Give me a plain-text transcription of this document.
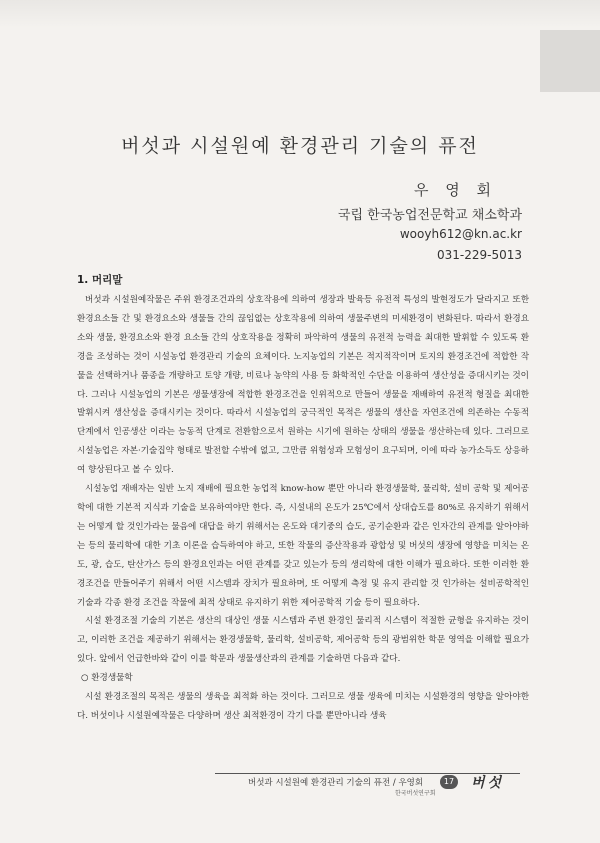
버섯과 시설원예 환경관리 기술의 퓨전
우 영 회
국립 한국농업전문학교 채소학과
wooyh612@kn.ac.kr
031-229-5013
1. 머리말

버섯과 시설원예작물은 주위 환경조건과의 상호작용에 의하여 생장과 발육등 유전적 특성의 발현정도가 달라지고 또한 환경요소들 간 및 환경요소와 생물들 간의 끊임없는 상호작용에 의하여 생물주변의 미세환경이 변화된다. 따라서 환경요소와 생물, 환경요소와 환경 요소들 간의 상호작용을 정확히 파악하여 생물의 유전적 능력을 최대한 발휘할 수 있도록 환경을 조성하는 것이 시설농업 환경관리 기술의 요체이다. 노지농업의 기본은 적지적작이며 토지의 환경조건에 적합한 작물을 선택하거나 품종을 개량하고 토양 개량, 비료나 농약의 사용 등 화학적인 수단을 이용하여 생산성을 증대시키는 것이다. 그러나 시설농업의 기본은 생물생장에 적합한 환경조건을 인위적으로 만들어 생물을 재배하여 유전적 형질을 최대한 발휘시켜 생산성을 증대시키는 것이다. 따라서 시설농업의 궁극적인 목적은 생물의 생산을 자연조건에 의존하는 수동적 단계에서 인공생산 이라는 능동적 단계로 전환함으로서 원하는 시기에 원하는 상태의 생물을 생산하는데 있다. 그러므로 시설농업은 자본·기술집약 형태로 발전할 수밖에 없고, 그만큼 위험성과 모험성이 요구되며, 이에 따라 농가소득도 상응하여 향상된다고 볼 수 있다.

시설농업 재배자는 일반 노지 재배에 필요한 농업적 know-how 뿐만 아니라 환경생물학, 물리학, 설비 공학 및 제어공학에 대한 기본적 지식과 기술을 보유하여야만 한다. 즉, 시설내의 온도가 25℃에서 상대습도를 80%로 유지하기 위해서는 어떻게 할 것인가라는 물음에 대답을 하기 위해서는 온도와 대기중의 습도, 공기순환과 같은 인자간의 관계를 알아야하는 등의 물리학에 대한 기초 이론을 습득하여야 하고, 또한 작물의 증산작용과 광합성 및 버섯의 생장에 영향을 미치는 온도, 광, 습도, 탄산가스 등의 환경요인과는 어떤 관계를 갖고 있는가 등의 생리학에 대한 이해가 필요하다. 또한 이러한 환경조건을 만들어주기 위해서 어떤 시스템과 장치가 필요하며, 또 어떻게 측정 및 유지 관리할 것 인가하는 설비공학적인 기술과 각종 환경 조건을 작물에 최적 상태로 유지하기 위한 제어공학적 기술 등이 필요하다.

시설 환경조절 기술의 기본은 생산의 대상인 생물 시스템과 주변 환경인 물리적 시스템이 적절한 균형을 유지하는 것이고, 이러한 조건을 제공하기 위해서는 환경생물학, 물리학, 설비공학, 제어공학 등의 광범위한 학문 영역을 이해할 필요가 있다. 앞에서 언급한바와 같이 이를 학문과 생물생산과의 관계를 기술하면 다음과 같다.

○ 환경생물학

시설 환경조절의 목적은 생물의 생육을 최적화 하는 것이다. 그러므로 생물 생육에 미치는 시설환경의 영향을 알아야한다. 버섯이나 시설원예작물은 다양하며 생산 최적환경이 각기 다를 뿐만아니라 생육

버섯과 시설원예 환경관리 기술의 퓨전 / 우영회	17
한국버섯연구회
버섯
